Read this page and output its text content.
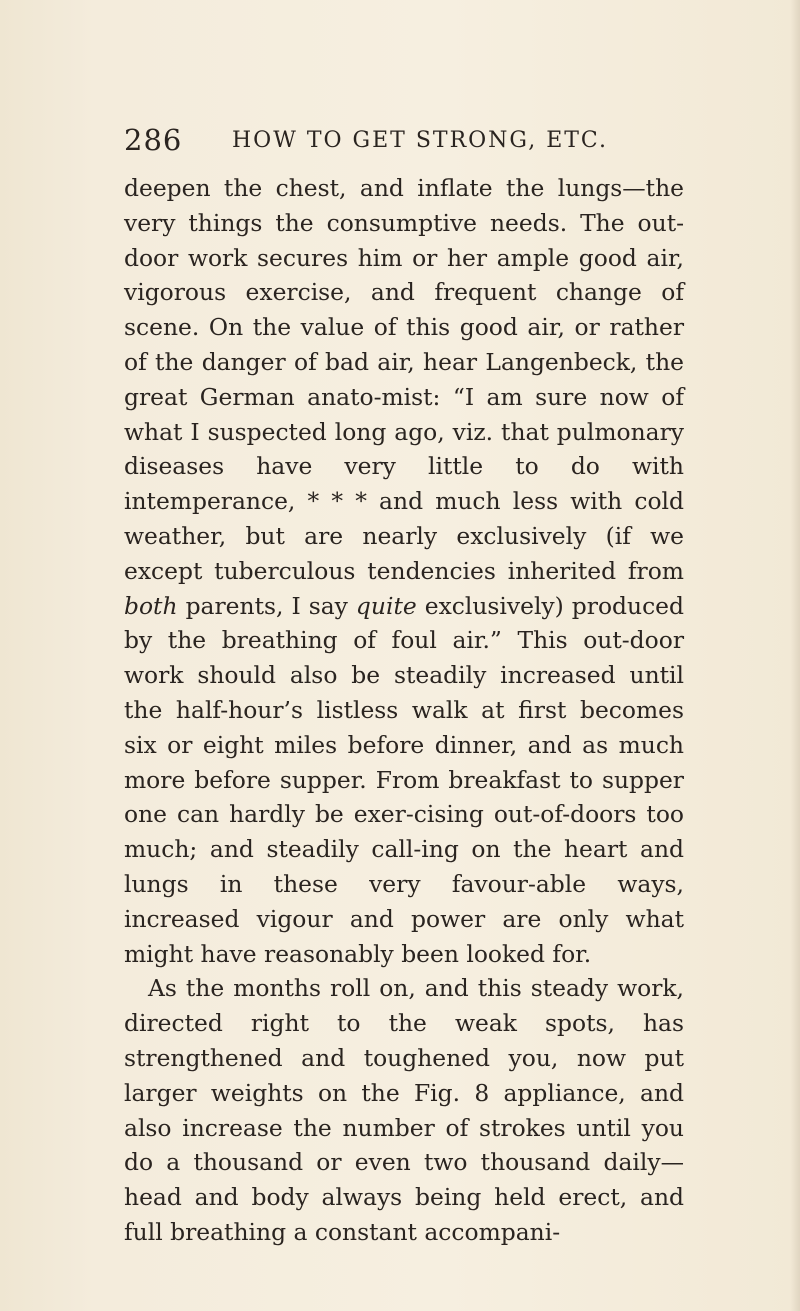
286 HOW TO GET STRONG, ETC.

deepen the chest, and inflate the lungs—the very things the consumptive needs. The out-door work secures him or her ample good air, vigorous exercise, and frequent change of scene. On the value of this good air, or rather of the danger of bad air, hear Langenbeck, the great German anato-mist: “I am sure now of what I suspected long ago, viz. that pulmonary diseases have very little to do with intemperance, * * * and much less with cold weather, but are nearly exclusively (if we except tuberculous tendencies inherited from both parents, I say quite exclusively) produced by the breathing of foul air.” This out-door work should also be steadily increased until the half-hour’s listless walk at first becomes six or eight miles before dinner, and as much more before supper. From breakfast to supper one can hardly be exer-cising out-of-doors too much; and steadily call-ing on the heart and lungs in these very favour-able ways, increased vigour and power are only what might have reasonably been looked for.

As the months roll on, and this steady work, directed right to the weak spots, has strengthened and toughened you, now put larger weights on the Fig. 8 appliance, and also increase the number of strokes until you do a thousand or even two thousand daily—head and body always being held erect, and full breathing a constant accompani-
